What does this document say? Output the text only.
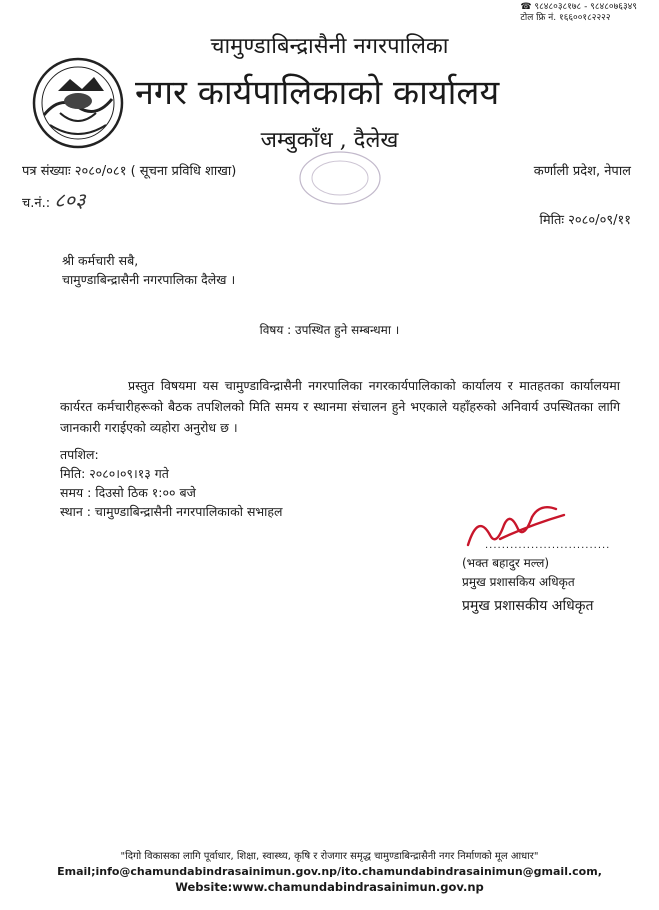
☎ ९८४८०३८१७८ - ९८४८०७६३४९
टोल फ्रि नं. १६६००१८२२२२
चामुण्डाबिन्द्रासैनी नगरपालिका
नगर कार्यपालिकाको कार्यालय
जम्बुकाँध , दैलेख
पत्र संख्याः २०८०/०८१ ( सूचना प्रविधि शाखा)	कर्णाली प्रदेश, नेपाल
च.नं.: ८०३
मितिः २०८०/०९/११
श्री कर्मचारी सबै,
चामुण्डाबिन्द्रासैनी नगरपालिका दैलेख ।
विषय : उपस्थित हुने सम्बन्धमा ।
प्रस्तुत विषयमा यस चामुण्डाविन्द्रासैनी नगरपालिका नगरकार्यपालिकाको कार्यालय र मातहतका कार्यालयमा कार्यरत कर्मचारीहरूको बैठक तपशिलको मिति समय र स्थानमा संचालन हुने भएकाले यहाँहरुको अनिवार्य उपस्थितका लागि जानकारी गराईएको व्यहोरा अनुरोध छ ।
तपशिल:
मिति: २०८०।०९।१३ गते
समय : दिउसो ठिक १:०० बजे
स्थान : चामुण्डाबिन्द्रासैनी नगरपालिकाको सभाहल
..............................
(भक्त बहादुर मल्ल)
प्रमुख प्रशासकिय अधिकृत
प्रमुख प्रशासकीय अधिकृत
"दिगो विकासका लागि पूर्वाधार, शिक्षा, स्वास्थ्य, कृषि र रोजगार समृद्ध चामुण्डाबिन्द्रासैनी नगर निर्माणको मूल आधार"
Email;info@chamundabindrasainimun.gov.np/ito.chamundabindrasainimun@gmail.com,
Website:www.chamundabindrasainimun.gov.np
